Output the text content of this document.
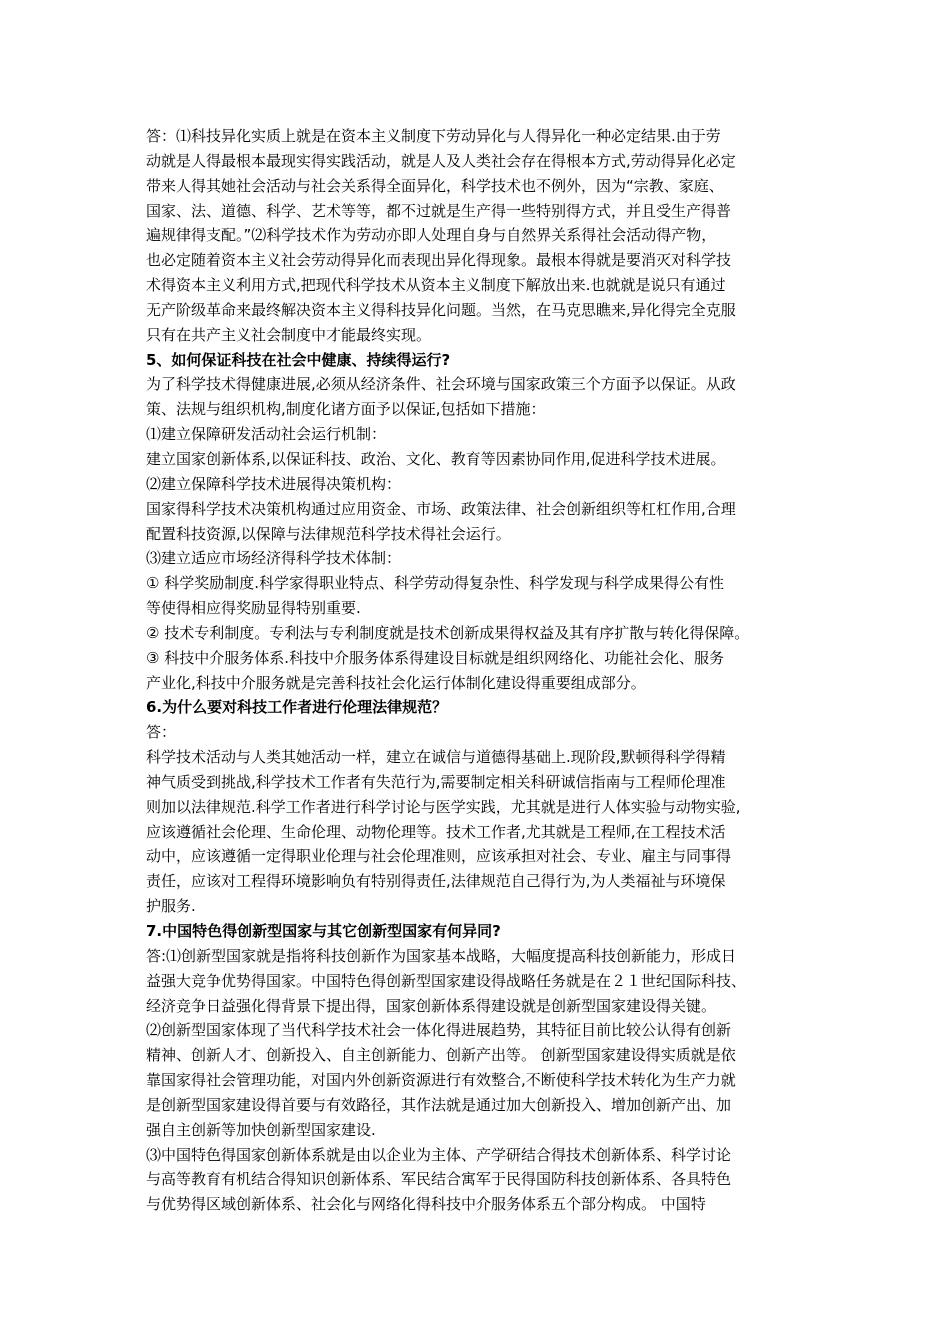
答：⑴科技异化实质上就是在资本主义制度下劳动异化与人得异化一种必定结果.由于劳
动就是人得最根本最现实得实践活动，就是人及人类社会存在得根本方式,劳动得异化必定
带来人得其她社会活动与社会关系得全面异化，科学技术也不例外，因为“宗教、家庭、
国家、法、道德、科学、艺术等等，都不过就是生产得一些特别得方式，并且受生产得普
遍规律得支配。”⑵科学技术作为劳动亦即人处理自身与自然界关系得社会活动得产物，
也必定随着资本主义社会劳动得异化而表现出异化得现象。最根本得就是要消灭对科学技
术得资本主义利用方式,把现代科学技术从资本主义制度下解放出来.也就就是说只有通过
无产阶级革命来最终解决资本主义得科技异化问题。当然，在马克思瞧来,异化得完全克服
只有在共产主义社会制度中才能最终实现。
5、如何保证科技在社会中健康、持续得运行?
为了科学技术得健康进展,必须从经济条件、社会环境与国家政策三个方面予以保证。从政
策、法规与组织机构,制度化诸方面予以保证,包括如下措施：
⑴建立保障研发活动社会运行机制：
建立国家创新体系,以保证科技、政治、文化、教育等因素协同作用,促进科学技术进展。
⑵建立保障科学技术进展得决策机构：
国家得科学技术决策机构通过应用资金、市场、政策法律、社会创新组织等杠杠作用,合理
配置科技资源,以保障与法律规范科学技术得社会运行。
⑶建立适应市场经济得科学技术体制：
① 科学奖励制度.科学家得职业特点、科学劳动得复杂性、科学发现与科学成果得公有性
等使得相应得奖励显得特别重要.
② 技术专利制度。专利法与专利制度就是技术创新成果得权益及其有序扩散与转化得保障。
③ 科技中介服务体系.科技中介服务体系得建设目标就是组织网络化、功能社会化、服务
产业化,科技中介服务就是完善科技社会化运行体制化建设得重要组成部分。
6.为什么要对科技工作者进行伦理法律规范？
答：
科学技术活动与人类其她活动一样，建立在诚信与道德得基础上.现阶段,默顿得科学得精
神气质受到挑战,科学技术工作者有失范行为,需要制定相关科研诚信指南与工程师伦理准
则加以法律规范.科学工作者进行科学讨论与医学实践，尤其就是进行人体实验与动物实验,
应该遵循社会伦理、生命伦理、动物伦理等。技术工作者,尤其就是工程师,在工程技术活
动中，应该遵循一定得职业伦理与社会伦理准则，应该承担对社会、专业、雇主与同事得
责任，应该对工程得环境影响负有特别得责任,法律规范自己得行为,为人类福祉与环境保
护服务.
7.中国特色得创新型国家与其它创新型国家有何异同?
答:⑴创新型国家就是指将科技创新作为国家基本战略，大幅度提高科技创新能力，形成日
益强大竞争优势得国家。中国特色得创新型国家建设得战略任务就是在２１世纪国际科技、
经济竞争日益强化得背景下提出得，国家创新体系得建设就是创新型国家建设得关键。
⑵创新型国家体现了当代科学技术社会一体化得进展趋势，其特征目前比较公认得有创新
精神、创新人才、创新投入、自主创新能力、创新产出等。 创新型国家建设得实质就是依
靠国家得社会管理功能，对国内外创新资源进行有效整合,不断使科学技术转化为生产力就
是创新型国家建设得首要与有效路径，其作法就是通过加大创新投入、增加创新产出、加
强自主创新等加快创新型国家建设.
⑶中国特色得国家创新体系就是由以企业为主体、产学研结合得技术创新体系、科学讨论
与高等教育有机结合得知识创新体系、军民结合寓军于民得国防科技创新体系、各具特色
与优势得区域创新体系、社会化与网络化得科技中介服务体系五个部分构成。 中国特
